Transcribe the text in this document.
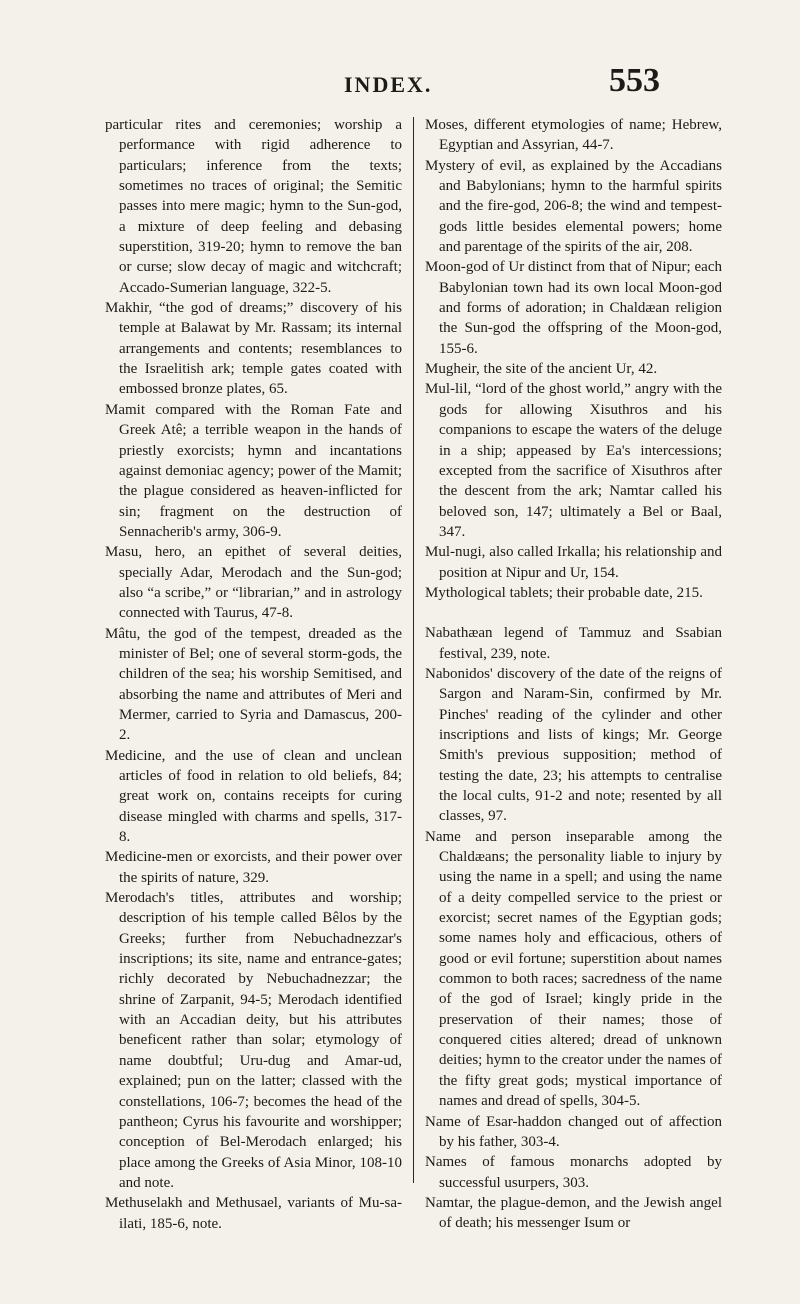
INDEX.	553

particular rites and ceremonies; worship a performance with rigid adherence to particulars; inference from the texts; sometimes no traces of original; the Semitic passes into mere magic; hymn to the Sun-god, a mixture of deep feeling and debasing superstition, 319-20; hymn to remove the ban or curse; slow decay of magic and witchcraft; Accado-Sumerian language, 322-5.

Makhir, “the god of dreams;” discovery of his temple at Balawat by Mr. Rassam; its internal arrangements and contents; resemblances to the Israelitish ark; temple gates coated with embossed bronze plates, 65.

Mamit compared with the Roman Fate and Greek Atê; a terrible weapon in the hands of priestly exorcists; hymn and incantations against demoniac agency; power of the Mamit; the plague considered as heaven-inflicted for sin; fragment on the destruction of Sennacherib's army, 306-9.

Masu, hero, an epithet of several deities, specially Adar, Merodach and the Sun-god; also “a scribe,” or “librarian,” and in astrology connected with Taurus, 47-8.

Mâtu, the god of the tempest, dreaded as the minister of Bel; one of several storm-gods, the children of the sea; his worship Semitised, and absorbing the name and attributes of Meri and Mermer, carried to Syria and Damascus, 200-2.

Medicine, and the use of clean and unclean articles of food in relation to old beliefs, 84; great work on, contains receipts for curing disease mingled with charms and spells, 317-8.

Medicine-men or exorcists, and their power over the spirits of nature, 329.

Merodach's titles, attributes and worship; description of his temple called Bêlos by the Greeks; further from Nebuchadnezzar's inscriptions; its site, name and entrance-gates; richly decorated by Nebuchadnezzar; the shrine of Zarpanit, 94-5; Merodach identified with an Accadian deity, but his attributes beneficent rather than solar; etymology of name doubtful; Uru-dug and Amar-ud, explained; pun on the latter; classed with the constellations, 106-7; becomes the head of the pantheon; Cyrus his favourite and worshipper; conception of Bel-Merodach enlarged; his place among the Greeks of Asia Minor, 108-10 and note.

Methuselakh and Methusael, variants of Mu-sa-ilati, 185-6, note.

Moses, different etymologies of name; Hebrew, Egyptian and Assyrian, 44-7.

Mystery of evil, as explained by the Accadians and Babylonians; hymn to the harmful spirits and the fire-god, 206-8; the wind and tempest-gods little besides elemental powers; home and parentage of the spirits of the air, 208.

Moon-god of Ur distinct from that of Nipur; each Babylonian town had its own local Moon-god and forms of adoration; in Chaldæan religion the Sun-god the offspring of the Moon-god, 155-6.

Mugheir, the site of the ancient Ur, 42.

Mul-lil, “lord of the ghost world,” angry with the gods for allowing Xisuthros and his companions to escape the waters of the deluge in a ship; appeased by Ea's intercessions; excepted from the sacrifice of Xisuthros after the descent from the ark; Namtar called his beloved son, 147; ultimately a Bel or Baal, 347.

Mul-nugi, also called Irkalla; his relationship and position at Nipur and Ur, 154.

Mythological tablets; their probable date, 215.

Nabathæan legend of Tammuz and Ssabian festival, 239, note.

Nabonidos' discovery of the date of the reigns of Sargon and Naram-Sin, confirmed by Mr. Pinches' reading of the cylinder and other inscriptions and lists of kings; Mr. George Smith's previous supposition; method of testing the date, 23; his attempts to centralise the local cults, 91-2 and note; resented by all classes, 97.

Name and person inseparable among the Chaldæans; the personality liable to injury by using the name in a spell; and using the name of a deity compelled service to the priest or exorcist; secret names of the Egyptian gods; some names holy and efficacious, others of good or evil fortune; superstition about names common to both races; sacredness of the name of the god of Israel; kingly pride in the preservation of their names; those of conquered cities altered; dread of unknown deities; hymn to the creator under the names of the fifty great gods; mystical importance of names and dread of spells, 304-5.

Name of Esar-haddon changed out of affection by his father, 303-4.

Names of famous monarchs adopted by successful usurpers, 303.

Namtar, the plague-demon, and the Jewish angel of death; his messenger Isum or
